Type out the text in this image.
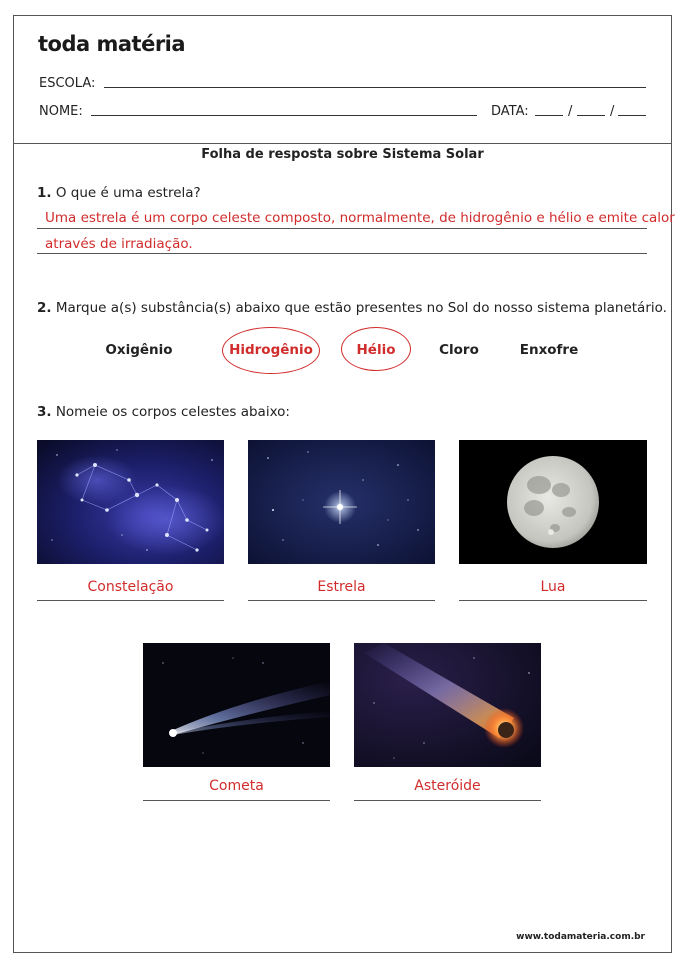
toda matéria
ESCOLA:
NOME:	DATA:	/	/
Folha de resposta sobre Sistema Solar
1. O que é uma estrela?
Uma estrela é um corpo celeste composto, normalmente, de hidrogênio e hélio e emite calor
através de irradiação.
2. Marque a(s) substância(s) abaixo que estão presentes no Sol do nosso sistema planetário.
Oxigênio	Hidrogênio	Hélio	Cloro	Enxofre
3. Nomeie os corpos celestes abaixo:
Constelação	Estrela	Lua
Cometa	Asteróide
www.todamateria.com.br
